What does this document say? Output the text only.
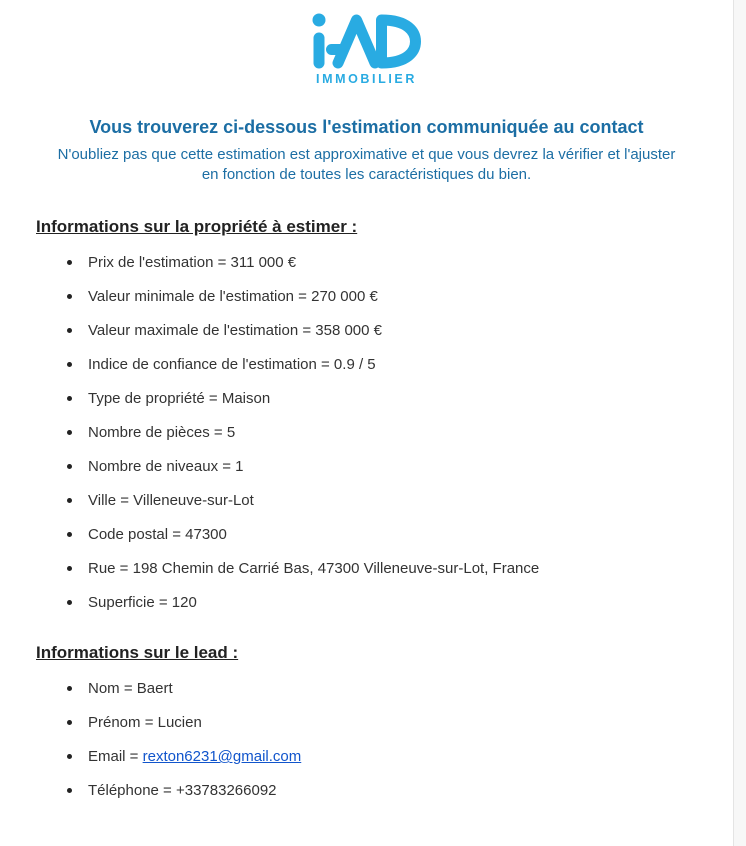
IMMOBILIER
Vous trouverez ci-dessous l'estimation communiquée au contact
N'oubliez pas que cette estimation est approximative et que vous devrez la vérifier et l'ajuster
en fonction de toutes les caractéristiques du bien.
Informations sur la propriété à estimer :
Prix de l'estimation = 311 000 €
Valeur minimale de l'estimation = 270 000 €
Valeur maximale de l'estimation = 358 000 €
Indice de confiance de l'estimation = 0.9 / 5
Type de propriété = Maison
Nombre de pièces = 5
Nombre de niveaux = 1
Ville = Villeneuve-sur-Lot
Code postal = 47300
Rue = 198 Chemin de Carrié Bas, 47300 Villeneuve-sur-Lot, France
Superficie = 120
Informations sur le lead :
Nom = Baert
Prénom = Lucien
Email = rexton6231@gmail.com
Téléphone = +33783266092
